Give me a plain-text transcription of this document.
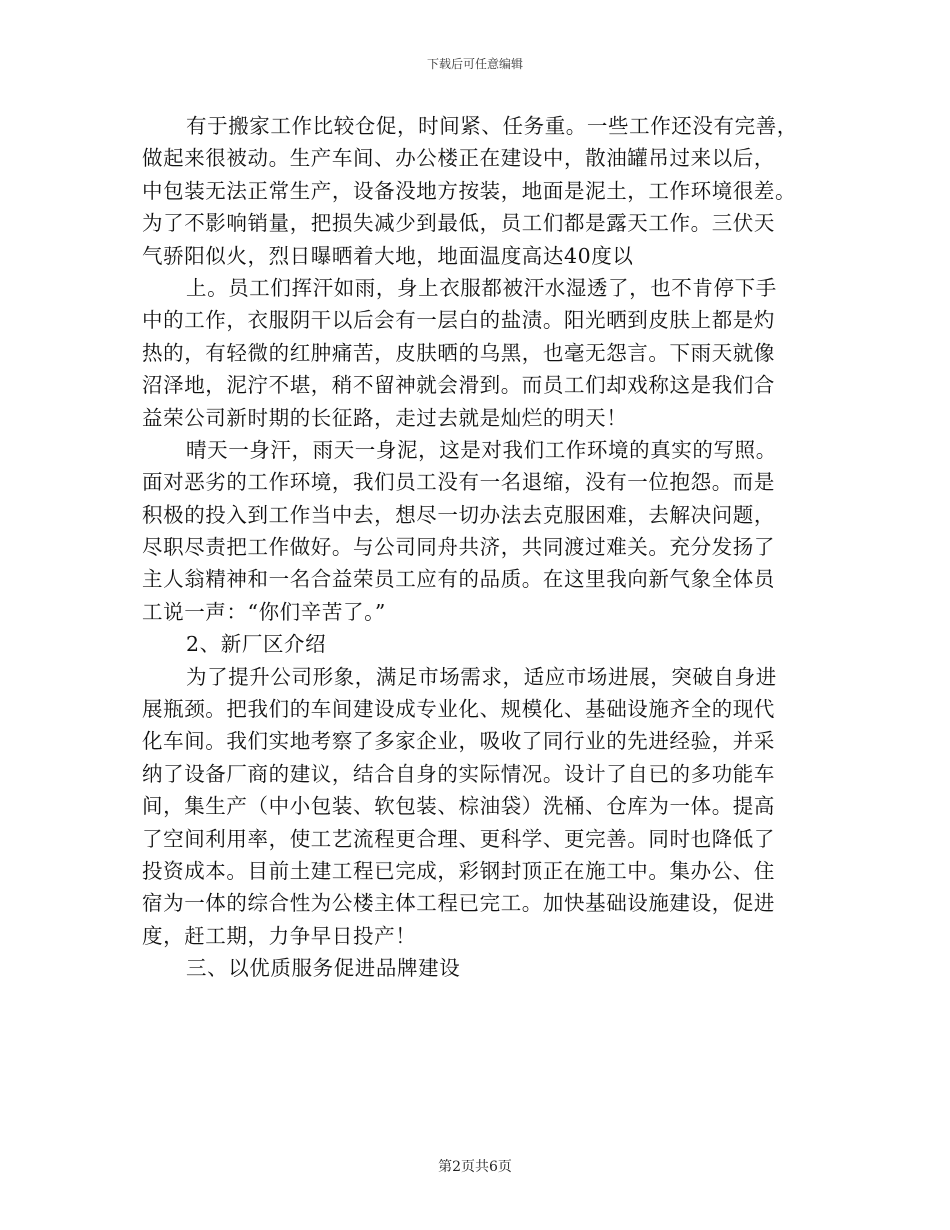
下载后可任意编辑
有于搬家工作比较仓促，时间紧、任务重。一些工作还没有完善，
做起来很被动。生产车间、办公楼正在建设中，散油罐吊过来以后，
中包装无法正常生产，设备没地方按装，地面是泥土，工作环境很差。
为了不影响销量，把损失减少到最低，员工们都是露天工作。三伏天
气骄阳似火，烈日曝晒着大地，地面温度高达40度以
上。员工们挥汗如雨，身上衣服都被汗水湿透了，也不肯停下手
中的工作，衣服阴干以后会有一层白的盐渍。阳光晒到皮肤上都是灼
热的，有轻微的红肿痛苦，皮肤晒的乌黑，也毫无怨言。下雨天就像
沼泽地，泥泞不堪，稍不留神就会滑到。而员工们却戏称这是我们合
益荣公司新时期的长征路，走过去就是灿烂的明天！
晴天一身汗，雨天一身泥，这是对我们工作环境的真实的写照。
面对恶劣的工作环境，我们员工没有一名退缩，没有一位抱怨。而是
积极的投入到工作当中去，想尽一切办法去克服困难，去解决问题，
尽职尽责把工作做好。与公司同舟共济，共同渡过难关。充分发扬了
主人翁精神和一名合益荣员工应有的品质。在这里我向新气象全体员
工说一声：“你们辛苦了。”
2、新厂区介绍
为了提升公司形象，满足市场需求，适应市场进展，突破自身进
展瓶颈。把我们的车间建设成专业化、规模化、基础设施齐全的现代
化车间。我们实地考察了多家企业，吸收了同行业的先进经验，并采
纳了设备厂商的建议，结合自身的实际情况。设计了自已的多功能车
间，集生产（中小包装、软包装、棕油袋）洗桶、仓库为一体。提高
了空间利用率，使工艺流程更合理、更科学、更完善。同时也降低了
投资成本。目前土建工程已完成，彩钢封顶正在施工中。集办公、住
宿为一体的综合性为公楼主体工程已完工。加快基础设施建设，促进
度，赶工期，力争早日投产！
三、以优质服务促进品牌建设
第2页共6页
